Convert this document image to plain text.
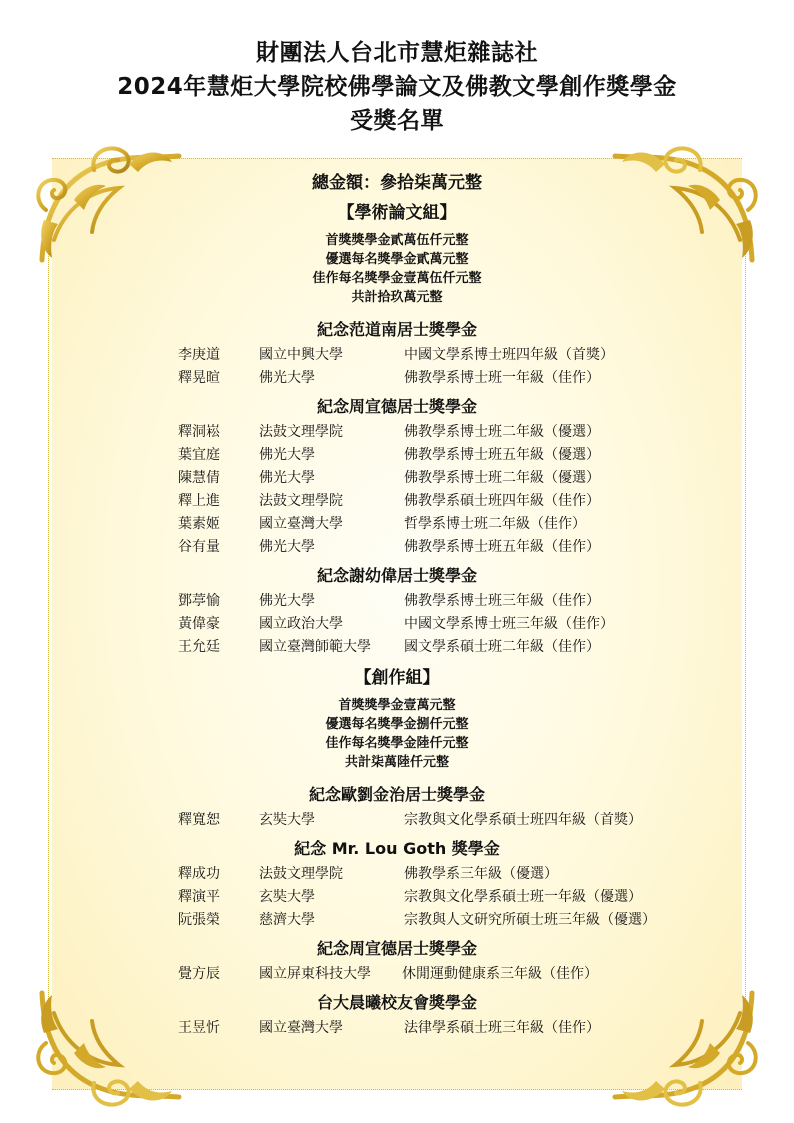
財團法人台北市慧炬雜誌社
2024年慧炬大學院校佛學論文及佛教文學創作獎學金
受獎名單
總金額：參拾柒萬元整
【學術論文組】
首獎獎學金貳萬伍仟元整
優選每名獎學金貳萬元整
佳作每名獎學金壹萬伍仟元整
共計拾玖萬元整
紀念范道南居士獎學金
李庚道	國立中興大學	中國文學系博士班四年級（首獎）
釋晃暄	佛光大學	佛教學系博士班一年級（佳作）
紀念周宣德居士獎學金
釋洞崧	法鼓文理學院	佛教學系博士班二年級（優選）
葉宜庭	佛光大學	佛教學系博士班五年級（優選）
陳慧倩	佛光大學	佛教學系博士班二年級（優選）
釋上進	法鼓文理學院	佛教學系碩士班四年級（佳作）
葉素姬	國立臺灣大學	哲學系博士班二年級（佳作）
谷有量	佛光大學	佛教學系博士班五年級（佳作）
紀念謝幼偉居士獎學金
鄧葶愉	佛光大學	佛教學系博士班三年級（佳作）
黃偉豪	國立政治大學	中國文學系博士班三年級（佳作）
王允廷	國立臺灣師範大學 國文學系碩士班二年級（佳作）
【創作組】
首獎獎學金壹萬元整
優選每名獎學金捌仟元整
佳作每名獎學金陸仟元整
共計柒萬陸仟元整
紀念歐劉金治居士獎學金
釋寬恕	玄奘大學	宗教與文化學系碩士班四年級（首獎）
紀念 Mr. Lou Goth 獎學金
釋成功	法鼓文理學院	佛教學系三年級（優選）
釋演平	玄奘大學	宗教與文化學系碩士班一年級（優選）
阮張榮	慈濟大學	宗教與人文研究所碩士班三年級（優選）
紀念周宣德居士獎學金
覺方辰	國立屏東科技大學 休閒運動健康系三年級（佳作）
台大晨曦校友會獎學金
王昱忻	國立臺灣大學	法律學系碩士班三年級（佳作）
